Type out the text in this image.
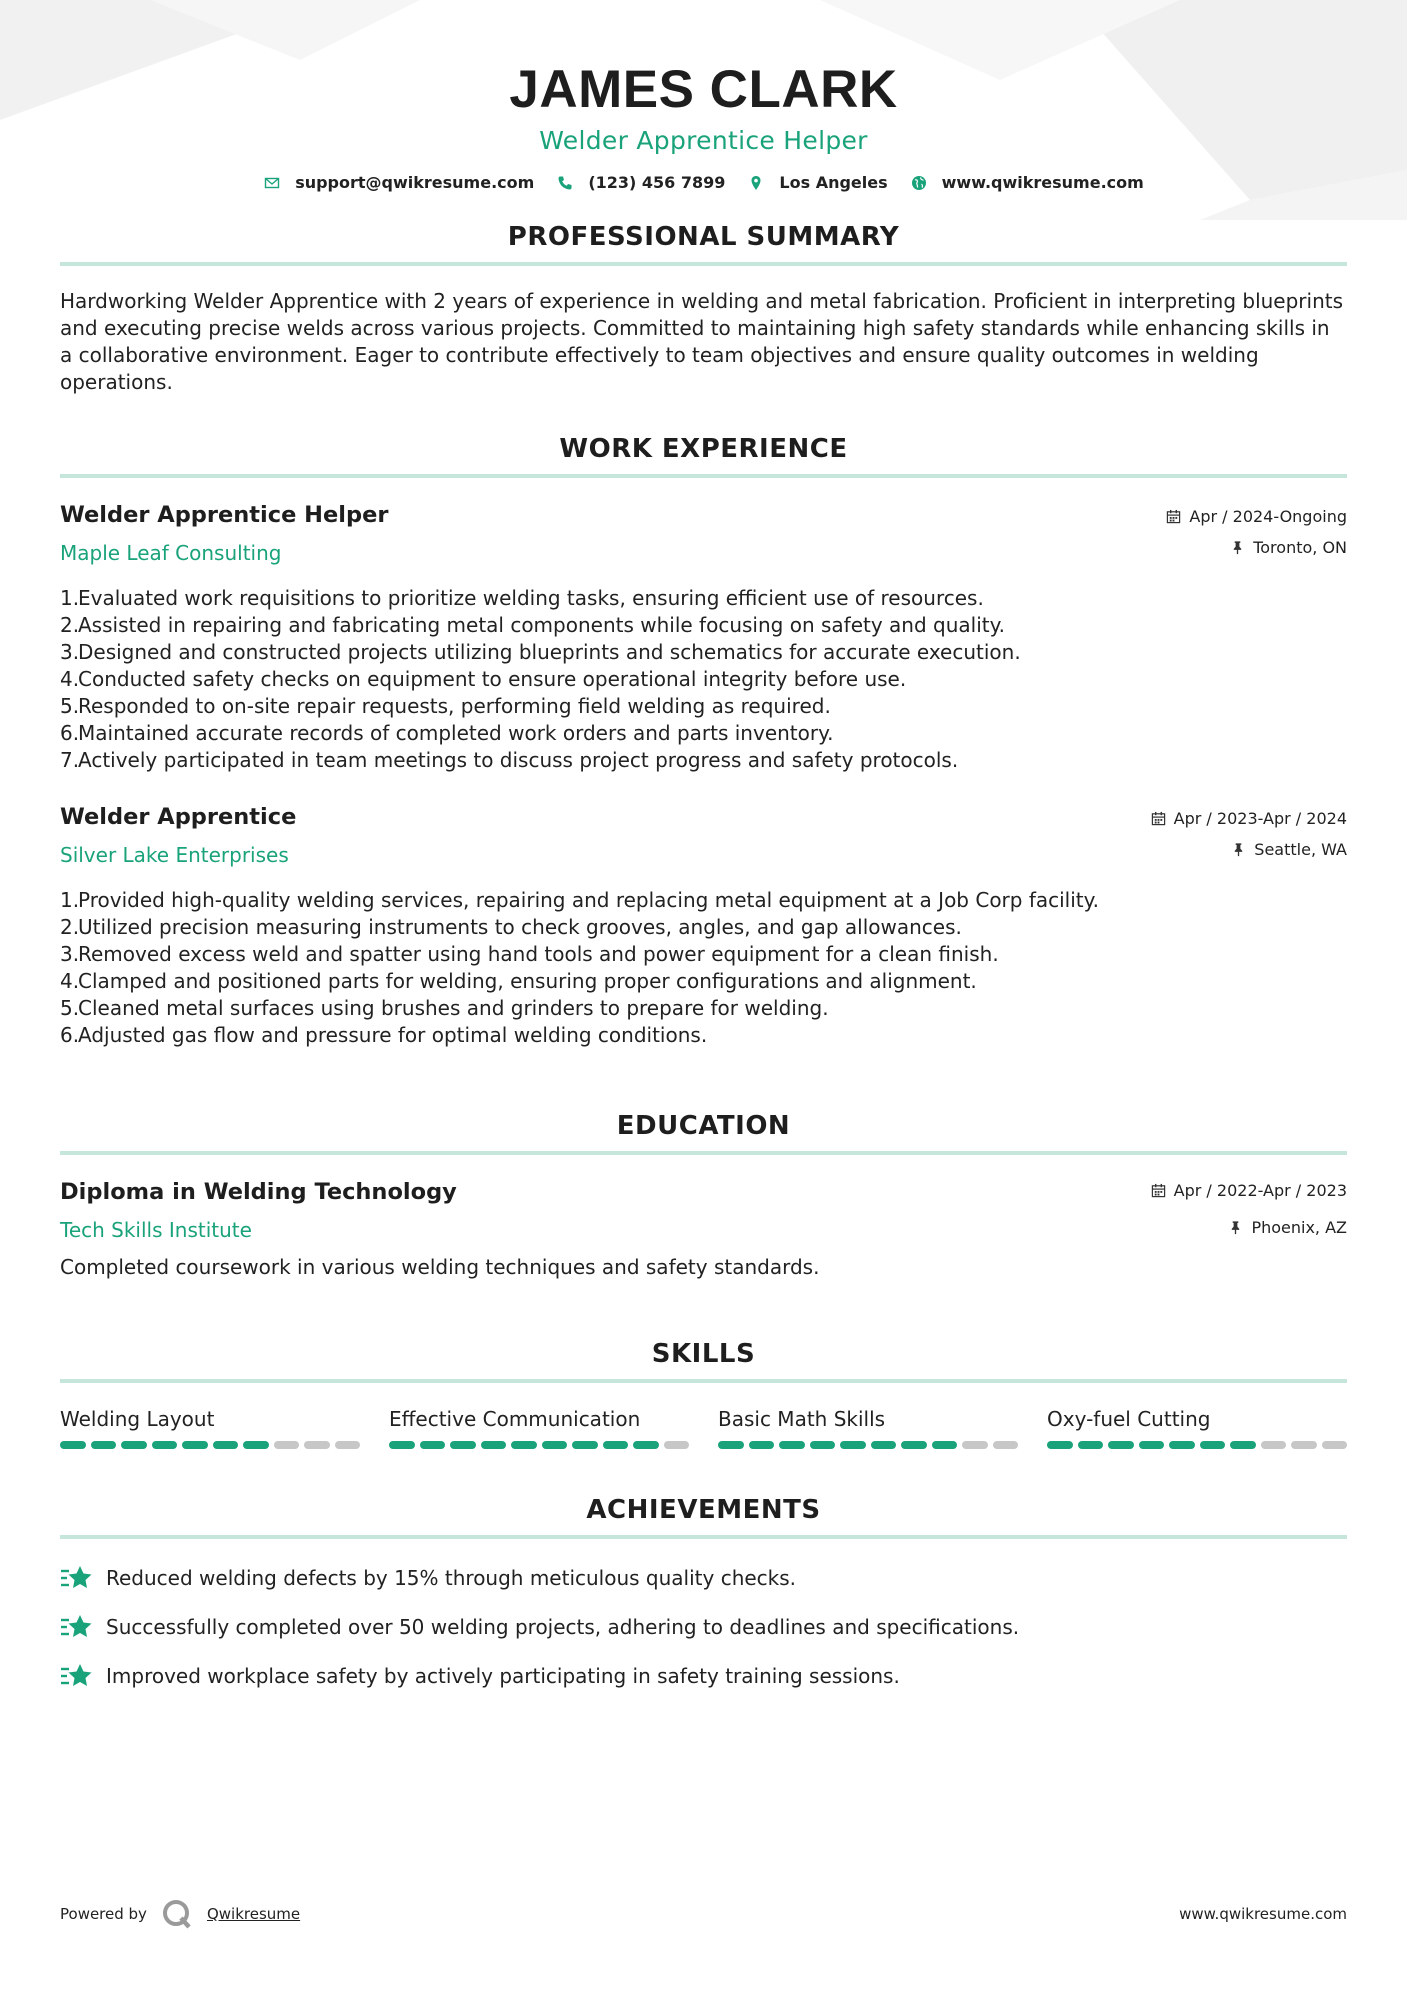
JAMES CLARK
Welder Apprentice Helper
support@qwikresume.com	(123) 456 7899	Los Angeles	www.qwikresume.com
PROFESSIONAL SUMMARY

Hardworking Welder Apprentice with 2 years of experience in welding and metal fabrication. Proficient in interpreting blueprints and executing precise welds across various projects. Committed to maintaining high safety standards while enhancing skills in a collaborative environment. Eager to contribute effectively to team objectives and ensure quality outcomes in welding operations.

WORK EXPERIENCE
Welder Apprentice Helper
Maple Leaf Consulting
Apr / 2024-Ongoing
Toronto, ON
1.
Evaluated work requisitions to prioritize welding tasks, ensuring efficient use of resources.
2.
Assisted in repairing and fabricating metal components while focusing on safety and quality.
3.
Designed and constructed projects utilizing blueprints and schematics for accurate execution.
4.
Conducted safety checks on equipment to ensure operational integrity before use.
5.
Responded to on-site repair requests, performing field welding as required.
6.
Maintained accurate records of completed work orders and parts inventory.
7.
Actively participated in team meetings to discuss project progress and safety protocols.
Welder Apprentice
Silver Lake Enterprises
Apr / 2023-Apr / 2024
Seattle, WA
1.
Provided high-quality welding services, repairing and replacing metal equipment at a Job Corp facility.
2.
Utilized precision measuring instruments to check grooves, angles, and gap allowances.
3.
Removed excess weld and spatter using hand tools and power equipment for a clean finish.
4.
Clamped and positioned parts for welding, ensuring proper configurations and alignment.
5.
Cleaned metal surfaces using brushes and grinders to prepare for welding.
6.
Adjusted gas flow and pressure for optimal welding conditions.
EDUCATION
Diploma in Welding Technology
Tech Skills Institute
Apr / 2022-Apr / 2023
Phoenix, AZ

Completed coursework in various welding techniques and safety standards.

SKILLS
Welding Layout	Effective Communication	Basic Math Skills	Oxy-fuel Cutting
ACHIEVEMENTS
Reduced welding defects by 15% through meticulous quality checks.
Successfully completed over 50 welding projects, adhering to deadlines and specifications.
Improved workplace safety by actively participating in safety training sessions.
Powered by	Qwikresume	www.qwikresume.com
